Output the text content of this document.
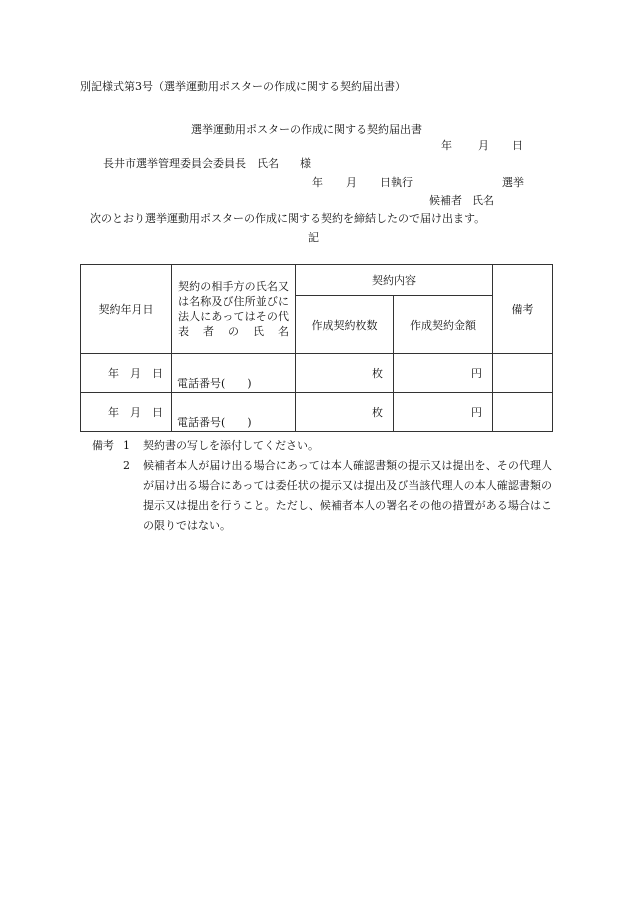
別記様式第3号（選挙運動用ポスターの作成に関する契約届出書）
選挙運動用ポスターの作成に関する契約届出書
年 月 日
長井市選挙管理委員会委員長　氏名 様
年 月 日執行	選挙
候補者 氏名
次のとおり選挙運動用ポスターの作成に関する契約を締結したので届け出ます。
記
契約年月日	契約の相手方の氏名又は名称及び住所並びに法人にあってはその代表者の氏名	契約内容		備考
		作成契約枚数	作成契約金額	
年　月　日	電話番号(　　)	枚	円	
年　月　日	電話番号(　　)	枚	円	
備考 1	契約書の写しを添付してください。
2	候補者本人が届け出る場合にあっては本人確認書類の提示又は提出を、その代理人が届け出る場合にあっては委任状の提示又は提出及び当該代理人の本人確認書類の提示又は提出を行うこと。ただし、候補者本人の署名その他の措置がある場合はこの限りではない。
